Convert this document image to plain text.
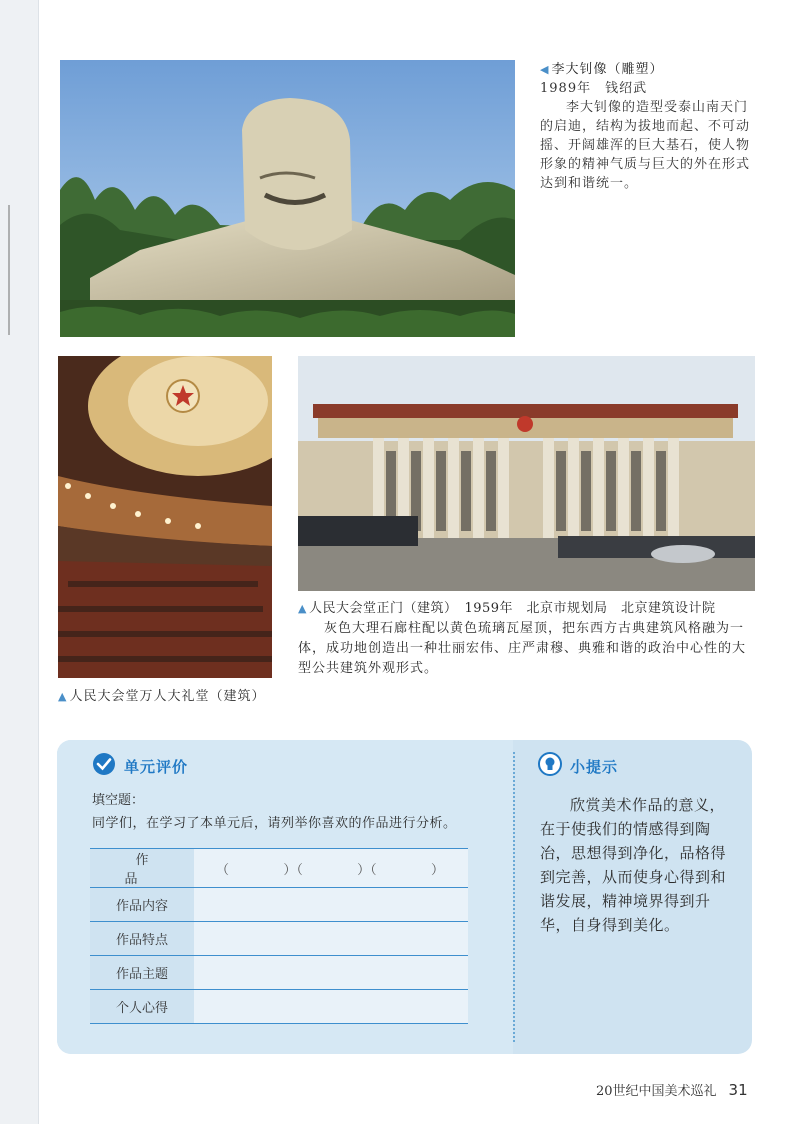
◀ 李大钊像（雕塑）
1989年　钱绍武
李大钊像的造型受泰山南天门的启迪，结构为拔地而起、不可动摇、开阔雄浑的巨大基石，使人物形象的精神气质与巨大的外在形式达到和谐统一。
▲ 人民大会堂正门（建筑）　1959年　北京市规划局　北京建筑设计院
灰色大理石廊柱配以黄色琉璃瓦屋顶，把东西方古典建筑风格融为一体，成功地创造出一种壮丽宏伟、庄严肃穆、典雅和谐的政治中心性的大型公共建筑外观形式。
▲ 人民大会堂万人大礼堂（建筑）
单元评价	小提示
填空题：
同学们，在学习了本单元后，请列举你喜欢的作品进行分析。
作　品	（ ）（ ）（ ）

作品内容	
作品特点	
作品主题	
个人心得	
欣赏美术作品的意义，在于使我们的情感得到陶冶，思想得到净化，品格得到完善，从而使身心得到和谐发展，精神境界得到升华，自身得到美化。
20世纪中国美术巡礼 31
